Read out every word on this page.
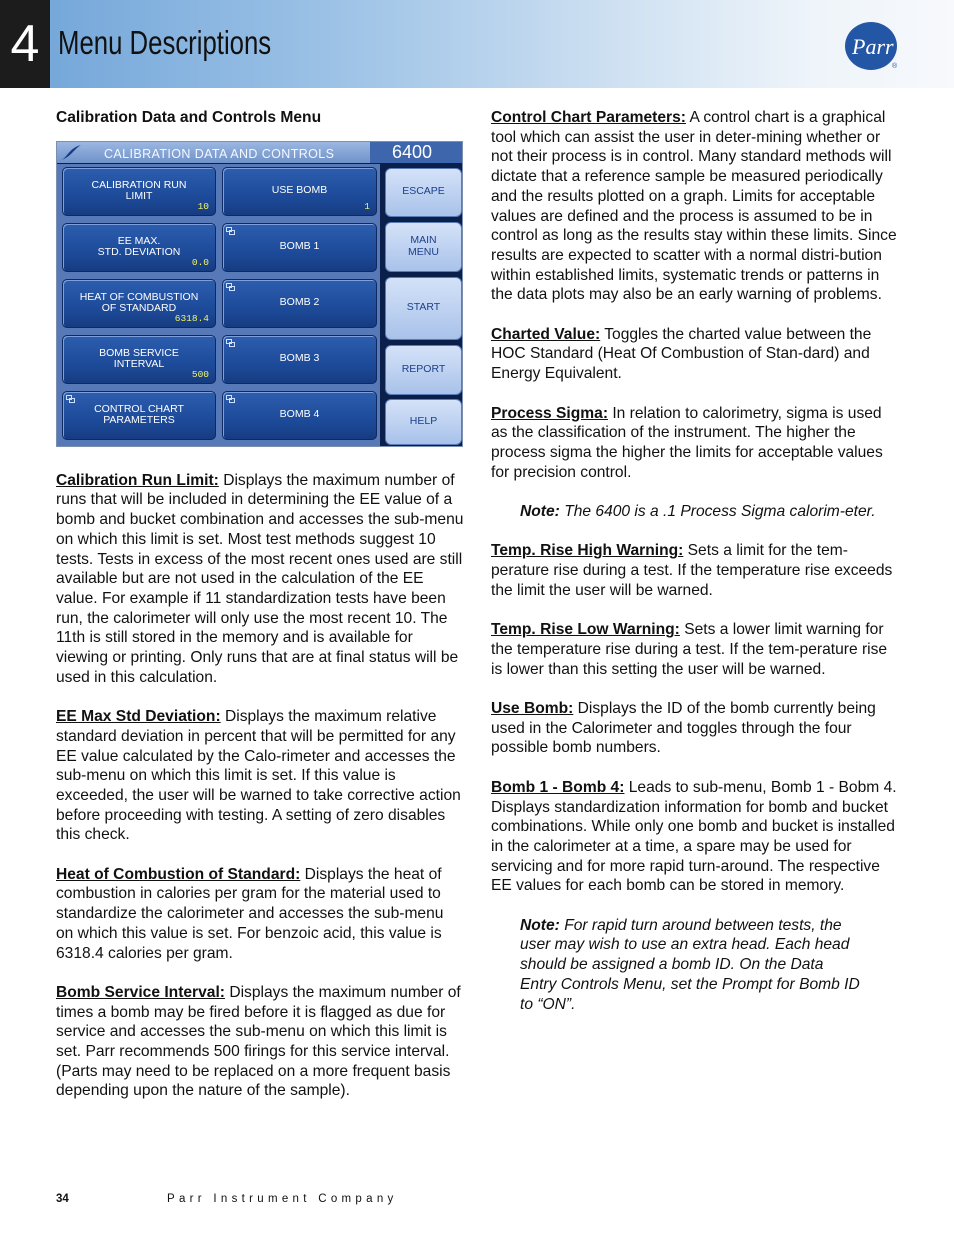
4 Menu Descriptions	Parr
®
Calibration Data and Controls Menu
CALIBRATION DATA AND CONTROLS	6400
CALIBRATION RUN
LIMIT
10
EE MAX.
STD. DEVIATION
0.0
HEAT OF COMBUSTION
OF STANDARD
6318.4
BOMB SERVICE
INTERVAL
500
CONTROL CHART
PARAMETERS
USE BOMB
1
BOMB 1
BOMB 2
BOMB 3
BOMB 4
ESCAPE
MAIN
MENU
START
REPORT
HELP

Calibration Run Limit: Displays the maximum number of runs that will be included in determining the EE value of a bomb and bucket combination and accesses the sub-menu on which this limit is set. Most test methods suggest 10 tests. Tests in excess of the most recent ones used are still available but are not used in the calculation of the EE value. For example if 11 standardization tests have been run, the calorimeter will only use the most recent 10. The 11th is still stored in the memory and is available for viewing or printing. Only runs that are at final status will be used in this calculation.

EE Max Std Deviation: Displays the maximum relative standard deviation in percent that will be permitted for any EE value calculated by the Calo-rimeter and accesses the sub-menu on which this limit is set. If this value is exceeded, the user will be warned to take corrective action before proceeding with testing. A setting of zero disables this check.

Heat of Combustion of Standard: Displays the heat of combustion in calories per gram for the material used to standardize the calorimeter and accesses the sub-menu on which this value is set. For benzoic acid, this value is 6318.4 calories per gram.

Bomb Service Interval: Displays the maximum number of times a bomb may be fired before it is flagged as due for service and accesses the sub-menu on which this limit is set. Parr recommends 500 firings for this service interval. (Parts may need to be replaced on a more frequent basis depending upon the nature of the sample).

Control Chart Parameters: A control chart is a graphical tool which can assist the user in deter-mining whether or not their process is in control. Many standard methods will dictate that a reference sample be measured periodically and the results plotted on a graph. Limits for acceptable values are defined and the process is assumed to be in control as long as the results stay within these limits. Since results are expected to scatter with a normal distri-bution within established limits, systematic trends or patterns in the data plots may also be an early warning of problems.

Charted Value: Toggles the charted value between the HOC Standard (Heat Of Combustion of Stan-dard) and Energy Equivalent.

Process Sigma: In relation to calorimetry, sigma is used as the classification of the instrument. The higher the process sigma the higher the limits for acceptable values for precision control.

Note: The 6400 is a .1 Process Sigma calorim-eter.

Temp. Rise High Warning: Sets a limit for the tem-perature rise during a test. If the temperature rise exceeds the limit the user will be warned.

Temp. Rise Low Warning: Sets a lower limit warning for the temperature rise during a test. If the tem-perature rise is lower than this setting the user will be warned.

Use Bomb: Displays the ID of the bomb currently being used in the Calorimeter and toggles through the four possible bomb numbers.

Bomb 1 - Bomb 4: Leads to sub-menu, Bomb 1 - Bobm 4. Displays standardization information for bomb and bucket combinations. While only one bomb and bucket is installed in the calorimeter at a time, a spare may be used for servicing and for more rapid turn-around. The respective EE values for each bomb can be stored in memory.

Note: For rapid turn around between tests, the user may wish to use an extra head. Each head should be assigned a bomb ID. On the Data Entry Controls Menu, set the Prompt for Bomb ID to “ON”.

34	Parr Instrument Company
